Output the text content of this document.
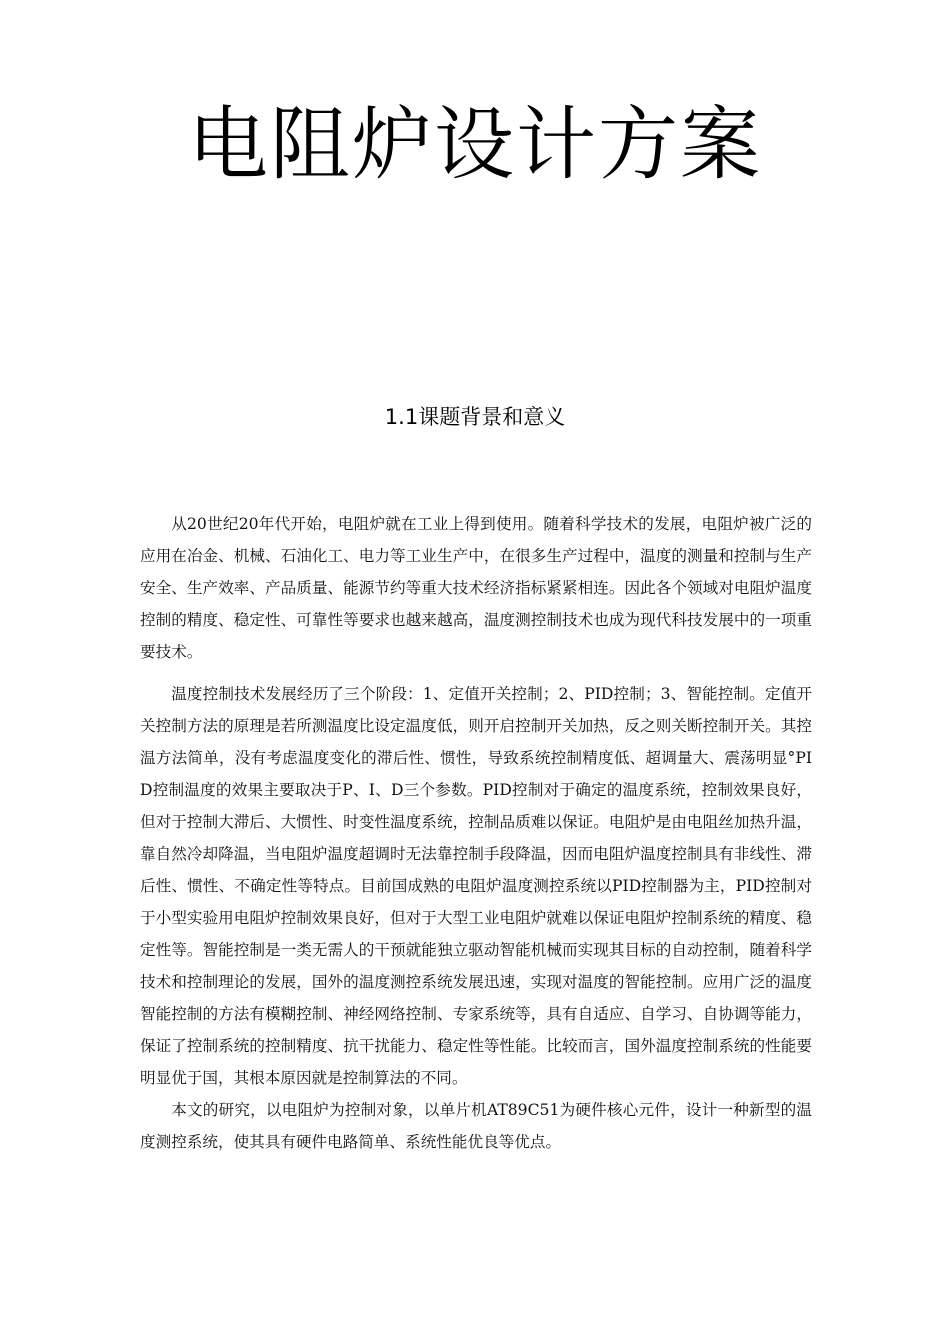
电阻炉设计方案
1.1课题背景和意义

从20世纪20年代开始，电阻炉就在工业上得到使用。随着科学技术的发展，电阻炉被广泛的应用在冶金、机械、石油化工、电力等工业生产中，在很多生产过程中，温度的测量和控制与生产安全、生产效率、产品质量、能源节约等重大技术经济指标紧紧相连。因此各个领域对电阻炉温度控制的精度、稳定性、可靠性等要求也越来越高，温度测控制技术也成为现代科技发展中的一项重要技术。

温度控制技术发展经历了三个阶段：1、定值开关控制；2、PID控制；3、智能控制。定值开关控制方法的原理是若所测温度比设定温度低，则开启控制开关加热，反之则关断控制开关。其控温方法简单，没有考虑温度变化的滞后性、惯性，导致系统控制精度低、超调量大、震荡明显°PID控制温度的效果主要取决于P、I、D三个参数。PID控制对于确定的温度系统，控制效果良好，但对于控制大滞后、大惯性、时变性温度系统，控制品质难以保证。电阻炉是由电阻丝加热升温，靠自然冷却降温，当电阻炉温度超调时无法靠控制手段降温，因而电阻炉温度控制具有非线性、滞后性、惯性、不确定性等特点。目前国成熟的电阻炉温度测控系统以PID控制器为主，PID控制对于小型实验用电阻炉控制效果良好，但对于大型工业电阻炉就难以保证电阻炉控制系统的精度、稳定性等。智能控制是一类无需人的干预就能独立驱动智能机械而实现其目标的自动控制，随着科学技术和控制理论的发展，国外的温度测控系统发展迅速，实现对温度的智能控制。应用广泛的温度智能控制的方法有模糊控制、神经网络控制、专家系统等，具有自适应、自学习、自协调等能力，保证了控制系统的控制精度、抗干扰能力、稳定性等性能。比较而言，国外温度控制系统的性能要明显优于国，其根本原因就是控制算法的不同。

本文的研究，以电阻炉为控制对象，以单片机AT89C51为硬件核心元件，设计一种新型的温度测控系统，使其具有硬件电路简单、系统性能优良等优点。
